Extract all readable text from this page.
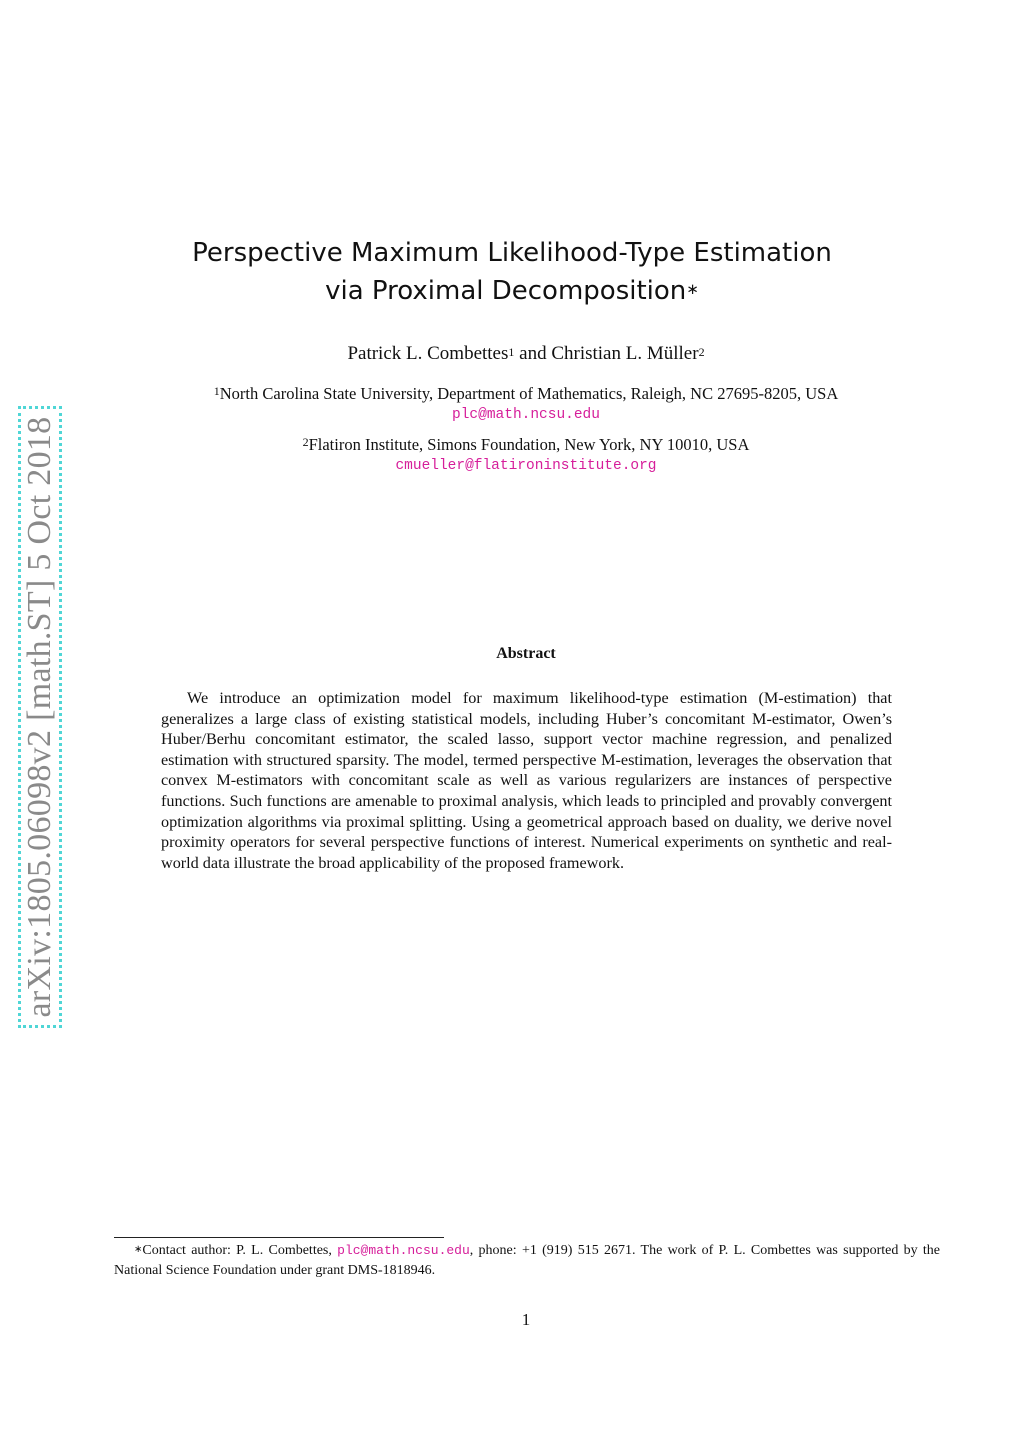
arXiv:1805.06098v2 [math.ST] 5 Oct 2018
Perspective Maximum Likelihood-Type Estimation
via Proximal Decomposition∗
Patrick L. Combettes$^1$ and Christian L. Müller$^2$
$^1$North Carolina State University, Department of Mathematics, Raleigh, NC 27695-8205, USA
plc@math.ncsu.edu
$^2$Flatiron Institute, Simons Foundation, New York, NY 10010, USA
cmueller@flatironinstitute.org
Abstract
We introduce an optimization model for maximum likelihood-type estimation (M-estimation) that generalizes a large class of existing statistical models, including Huber’s concomitant M-estimator, Owen’s Huber/Berhu concomitant estimator, the scaled lasso, support vector machine regression, and penalized estimation with structured sparsity. The model, termed perspective M-estimation, leverages the observation that convex M-estimators with concomitant scale as well as various regularizers are instances of perspective functions. Such functions are amenable to proximal analysis, which leads to principled and provably convergent optimization algorithms via proximal splitting. Using a geometrical approach based on duality, we derive novel proximity operators for several perspective functions of interest. Numerical experiments on synthetic and real-world data illustrate the broad applicability of the proposed framework.
∗Contact author: P. L. Combettes, plc@math.ncsu.edu, phone: +1 (919) 515 2671. The work of P. L. Combettes was supported by the National Science Foundation under grant DMS-1818946.
1
